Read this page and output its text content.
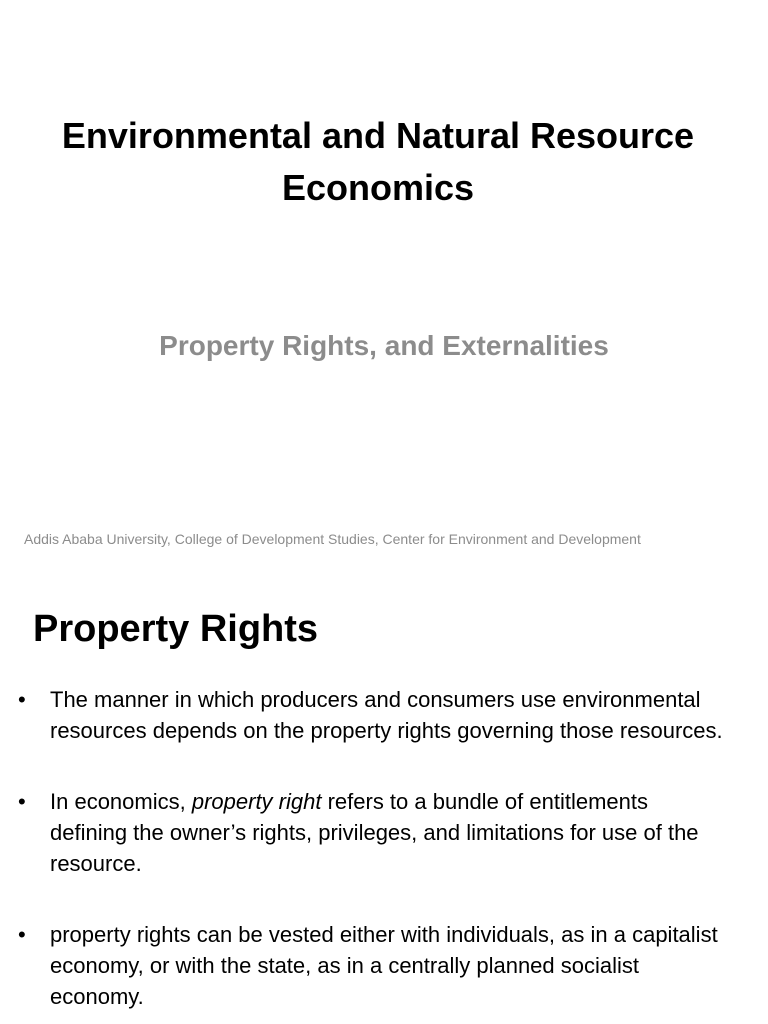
Environmental and Natural Resource
Economics

Property Rights, and Externalities

Addis Ababa University, College of Development Studies, Center for Environment and Development

Property Rights
• The manner in which producers and consumers use environmental resources depends on the property rights governing those resources.
• In economics, property right refers to a bundle of entitlements defining the owner’s rights, privileges, and limitations for use of the resource.
• property rights can be vested either with individuals, as in a capitalist economy, or with the state, as in a centrally planned socialist economy.
